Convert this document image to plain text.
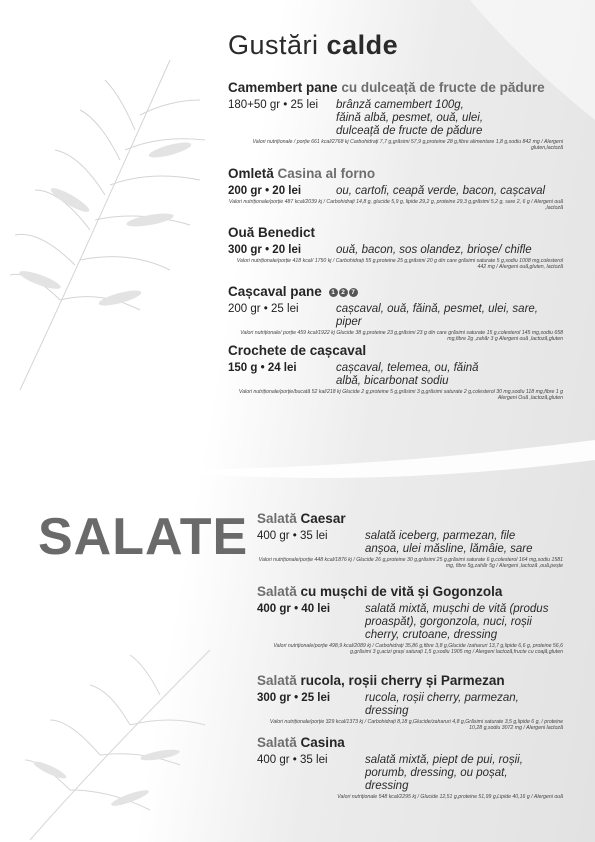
Gustări calde
Camembert pane cu dulceață de fructe de pădure
180+50 gr • 25 lei brânză camembert 100g, făină albă, pesmet, ouă, ulei, dulceață de fructe de pădure
Valori nutriționale / porție 661 kcal/2768 kj Carbohidrați 7,7 g,grăsimi 57,9 g,proteine 28 g,fibre alimentare 1,8 g,sodiu 842 mg / Alergeni gluten,lactoză
Omletă Casina al forno
200 gr • 20 lei	ou, cartofi, ceapă verde, bacon, cașcaval
Valori nutriționale/porție 487 kcal/2039 kj / Carbohidrați 14,8 g, glucide 5,9 g, lipide 29,2 g, proteine 29,3 g,grăsimi 5,2 g, sare 2, 6 g / Alergeni ouă ,lactoză
Ouă Benedict
300 gr • 20 lei	ouă, bacon, sos olandez, brioșe/ chifle
Valori nutriționale/porție 418 kcal/ 1750 kj / Carbohidrați 55 g,proteine 25 g,grăsimi 20 g din care grăsimi saturate 5 g,sodiu 1008 mg,colesterol 442 mg / Alergeni ouă,gluten, lactoză
Cașcaval pane 1 2 7
200 gr • 25 lei	cașcaval, ouă, făină, pesmet, ulei, sare, piper
Valori nutriționale/ porție 459 kcal/1922 kj Glucide 38 g,proteine 23 g,grăsimi 23 g din care grăsimi saturate 15 g,colesterol 145 mg,sodiu 658 mg,fibre 2g ,zahăr 3 g Alergeni ouă ,lactoză,gluten
Crochete de cașcaval
150 g • 24 lei	cașcaval, telemea, ou, făină albă, bicarbonat sodiu
Valori nutriționale/porție/bucată 52 kal/218 kj Glucide 2 g,proteine 5 g,grăsimi 3 g,grăsimi saturate 2 g,colesterol 30 mg,sodiu 118 mg,fibre 1 g Alergeni Ouă ,lactoză,gluten
SALATE Salată Caesar
400 gr • 35 lei	salată iceberg, parmezan, file anșoa, ulei măsline, lămâie, sare
Valori nutriționale/porție 448 kcal/1876 kj / Glucide 26 g,proteine 30 g,grăsimi 25 g,grăsimi saturate 6 g,colesterol 164 mg,sodiu 1581 mg, fibre 5g,zahăr 5g / Alergeni ,lactoză ,ouă,pește
Salată cu mușchi de vită și Gogonzola
400 gr • 40 lei	salată mixtă, mușchi de vită (produs proaspăt), gorgonzola, nuci, roșii cherry, crutoane, dressing
Valori nutriționale/porție 498,9 kcal/2089 kj / Carbohidrați 35,86 g,fibre 3,8 g,Glucide /zaharuri 13,7 g,lipide 6,6 g, proteine 56,6 g,grăsimi 3 g,acizi grași saturați 1,5 g,sodiu 1905 mg / Alergeni lactoză,fructe cu coajă,gluten
Salată rucola, roșii cherry și Parmezan
300 gr • 25 lei	rucola, roșii cherry, parmezan, dressing
Valori nutriționale/porție 329 kcal/1373 kj / Carbohidrați 8,18 g,Glucide/zaharuri 4,8 g,Grăsimi saturate 3,5 g,lipide 6 g, / proteine 10,28 g,sodiu 3072 mg / Alergeni lactoză
Salată Casina
400 gr • 35 lei	salată mixtă, piept de pui, roșii, porumb, dressing, ou poșat, dressing
Valori nutriționale 548 kcal/2295 kj / Glucide 12,51 g,proteine 51,99 g,Lipide 40,16 g / Alergeni ouă
